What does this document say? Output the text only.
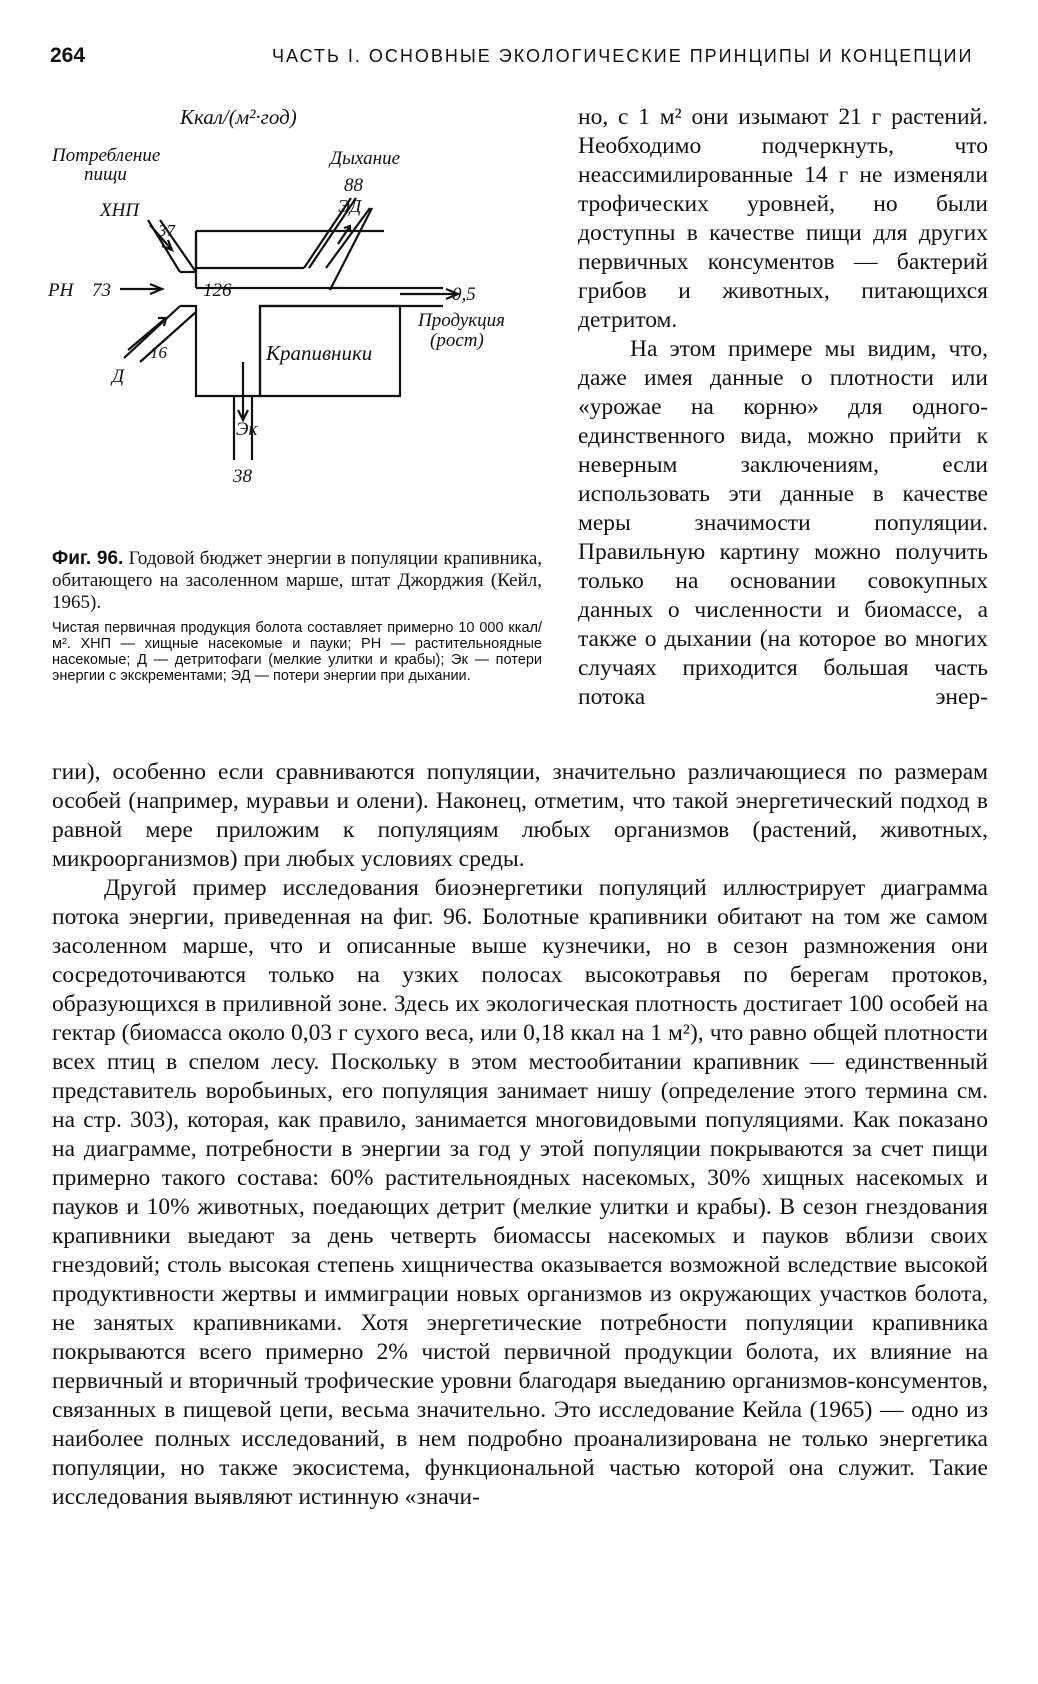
264	ЧАСТЬ I. ОСНОВНЫЕ ЭКОЛОГИЧЕСКИЕ ПРИНЦИПЫ И КОНЦЕПЦИИ
Ккал/(м²·год)
Потребление
пищи
Дыхание
88
ЭД
ХНП
37
РН 73	126	0,5
Продукция
(рост)
16
Д
Крапивники
Эк
38

Фиг. 96. Годовой бюджет энергии в популяции крапивника, обитающего на засоленном марше, штат Джорджия (Кейл, 1965).

Чистая первичная продукция болота составляет примерно 10 000 ккал/м². ХНП — хищные насекомые и пауки; РН — растительноядные насекомые; Д — детритофаги (мелкие улитки и крабы); Эк — потери энергии с экскрементами; ЭД — потери энергии при дыхании.

но, с 1 м² они изымают 21 г растений. Необходимо подчеркнуть, что неассимилированные 14 г не изменяли трофических уровней, но были доступны в качестве пищи для других первичных консументов — бактерий грибов и животных, питающихся детритом.

На этом примере мы видим, что, даже имея данные о плотности или «урожае на корню» для одного-единственного вида, можно прийти к неверным заключениям, если использовать эти данные в качестве меры значимости популяции. Правильную картину можно получить только на основании совокупных данных о численности и биомассе, а также о дыхании (на которое во многих случаях приходится большая часть потока энер-

гии), особенно если сравниваются популяции, значительно различающиеся по размерам особей (например, муравьи и олени). Наконец, отметим, что такой энергетический подход в равной мере приложим к популяциям любых организмов (растений, животных, микроорганизмов) при любых условиях среды.

Другой пример исследования биоэнергетики популяций иллюстрирует диаграмма потока энергии, приведенная на фиг. 96. Болотные крапивники обитают на том же самом засоленном марше, что и описанные выше кузнечики, но в сезон размножения они сосредоточиваются только на узких полосах высокотравья по берегам протоков, образующихся в приливной зоне. Здесь их экологическая плотность достигает 100 особей на гектар (биомасса около 0,03 г сухого веса, или 0,18 ккал на 1 м²), что равно общей плотности всех птиц в спелом лесу. Поскольку в этом местообитании крапивник — единственный представитель воробьиных, его популяция занимает нишу (определение этого термина см. на стр. 303), которая, как правило, занимается многовидовыми популяциями. Как показано на диаграмме, потребности в энергии за год у этой популяции покрываются за счет пищи примерно такого состава: 60% растительноядных насекомых, 30% хищных насекомых и пауков и 10% животных, поедающих детрит (мелкие улитки и крабы). В сезон гнездования крапивники выедают за день четверть биомассы насекомых и пауков вблизи своих гнездовий; столь высокая степень хищничества оказывается возможной вследствие высокой продуктивности жертвы и иммиграции новых организмов из окружающих участков болота, не занятых крапивниками. Хотя энергетические потребности популяции крапивника покрываются всего примерно 2% чистой первичной продукции болота, их влияние на первичный и вторичный трофические уровни благодаря выеданию организмов-консументов, связанных в пищевой цепи, весьма значительно. Это исследование Кейла (1965) — одно из наиболее полных исследований, в нем подробно проанализирована не только энергетика популяции, но также экосистема, функциональной частью которой она служит. Такие исследования выявляют истинную «значи-
